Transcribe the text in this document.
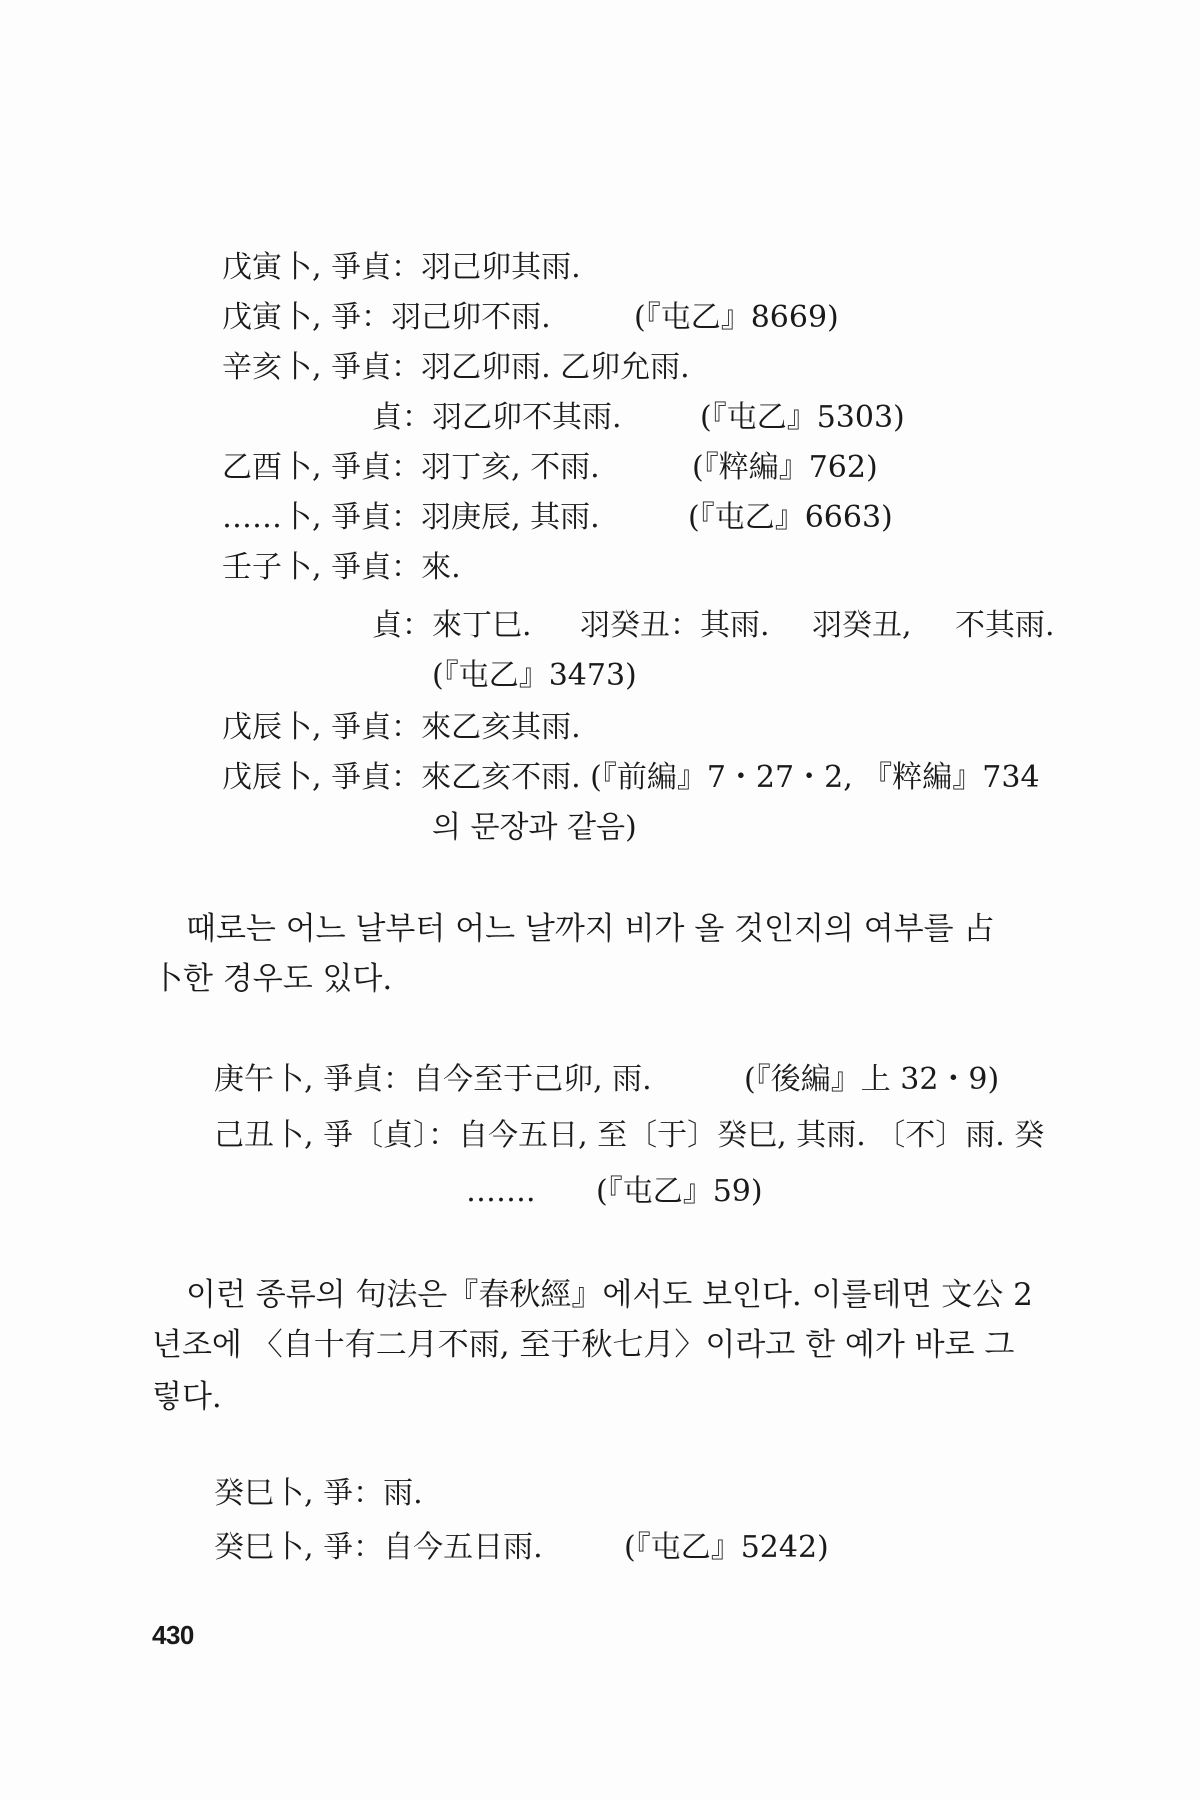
戊寅卜, 爭貞：羽己卯其雨.
戊寅卜, 爭：羽己卯不雨.	(『屯乙』8669)
辛亥卜, 爭貞：羽乙卯雨. 乙卯允雨.
貞：羽乙卯不其雨.	(『屯乙』5303)
乙酉卜, 爭貞：羽丁亥, 不雨.	(『粹編』762)
……卜, 爭貞：羽庚辰, 其雨.	(『屯乙』6663)
壬子卜, 爭貞：來.
貞：來丁巳. 羽癸丑：其雨. 羽癸丑, 不其雨.
(『屯乙』3473)
戊辰卜, 爭貞：來乙亥其雨.
戊辰卜, 爭貞：來乙亥不雨. (『前編』7・27・2, 『粹編』734
의 문장과 같음)
때로는 어느 날부터 어느 날까지 비가 올 것인지의 여부를 占
卜한 경우도 있다.
庚午卜, 爭貞：自今至于己卯, 雨.	(『後編』上 32・9)
己丑卜, 爭〔貞〕：自今五日, 至〔于〕癸巳, 其雨. 〔不〕雨. 癸
……. (『屯乙』59)
이런 종류의 句法은『春秋經』에서도 보인다. 이를테면 文公 2
년조에 〈自十有二月不雨, 至于秋七月〉이라고 한 예가 바로 그
렇다.
癸巳卜, 爭：雨.
癸巳卜, 爭：自今五日雨.	(『屯乙』5242)
430
